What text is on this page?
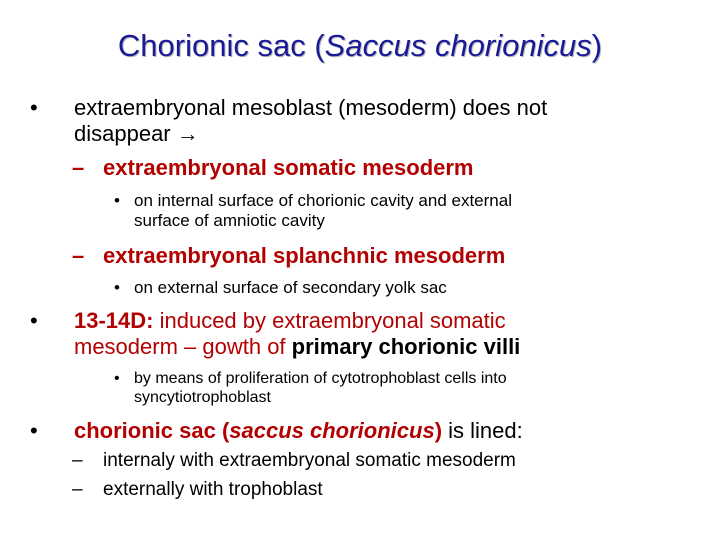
Chorionic sac (Saccus chorionicus)
• extraembryonal mesoblast (mesoderm) does not
disappear →
– extraembryonal somatic mesoderm
• on internal surface of chorionic cavity and external
surface of amniotic cavity
– extraembryonal splanchnic mesoderm
• on external surface of secondary yolk sac
• 13-14D: induced by extraembryonal somatic
mesoderm – gowth of primary chorionic villi
• by means of proliferation of cytotrophoblast cells into
syncytiotrophoblast
• chorionic sac (saccus chorionicus) is lined:
– internaly with extraembryonal somatic mesoderm
– externally with trophoblast
